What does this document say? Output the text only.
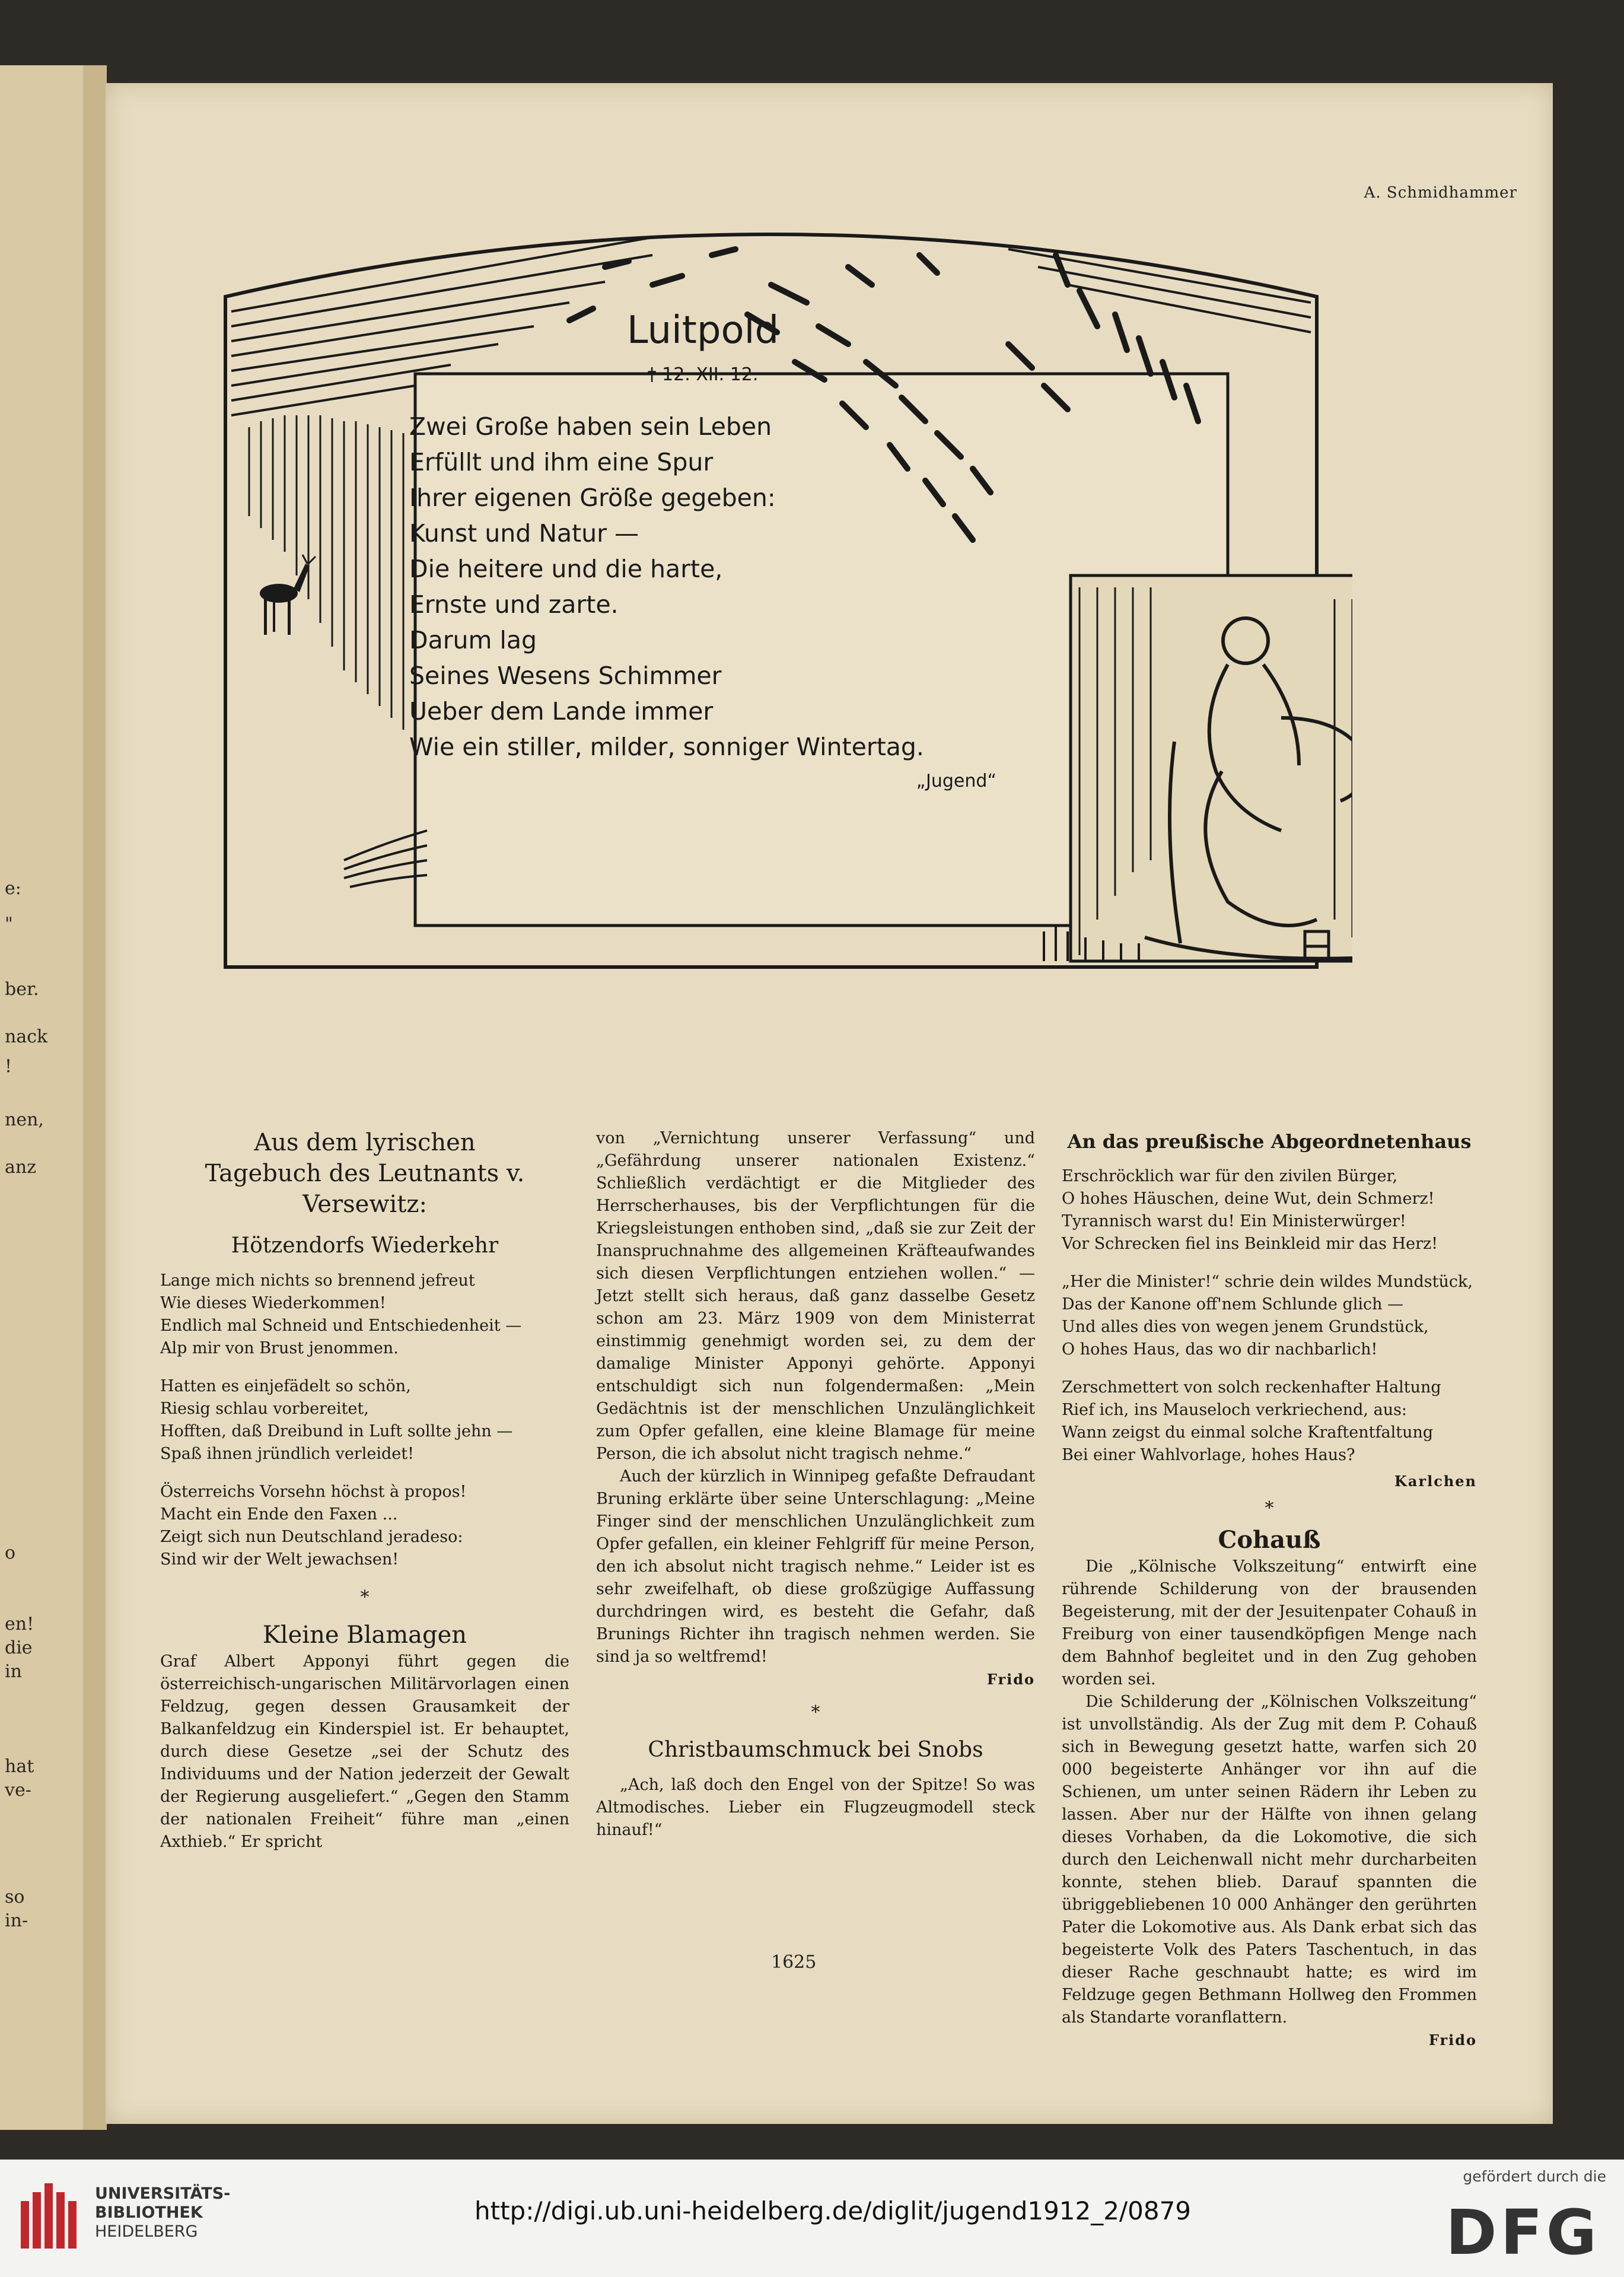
e:
"
ber.
nack
!
nen,
anz
o
en!
die
in
hat
ve-
so
in-
A. Schmidhammer
Luitpold
† 12. XII. 12.
Zwei Große haben sein Leben
Erfüllt und ihm eine Spur
Ihrer eigenen Größe gegeben:
Kunst und Natur —
Die heitere und die harte,
Ernste und zarte.
Darum lag
Seines Wesens Schimmer
Ueber dem Lande immer
Wie ein stiller, milder, sonniger Wintertag.
„Jugend“
Aus dem lyrischen
Tagebuch des Leutnants v. Versewitz:
Hötzendorfs Wiederkehr

Lange mich nichts so brennend jefreut

Wie dieses Wiederkommen!

Endlich mal Schneid und Entschiedenheit —

Alp mir von Brust jenommen.

Hatten es einjefädelt so schön,

Riesig schlau vorbereitet,

Hofften, daß Dreibund in Luft sollte jehn —

Spaß ihnen jründlich verleidet!

Österreichs Vorsehn höchst à propos!

Macht ein Ende den Faxen ...

Zeigt sich nun Deutschland jeradeso:

Sind wir der Welt jewachsen!

*
Kleine Blamagen

Graf Albert Apponyi führt gegen die österreichisch-ungarischen Militärvorlagen einen Feldzug, gegen dessen Grausamkeit der Balkanfeldzug ein Kinderspiel ist. Er behauptet, durch diese Gesetze „sei der Schutz des Individuums und der Nation jederzeit der Gewalt der Regierung ausgeliefert.“ „Gegen den Stamm der nationalen Freiheit“ führe man „einen Axthieb.“ Er spricht

von „Vernichtung unserer Verfassung“ und „Gefährdung unserer nationalen Existenz.“ Schließlich verdächtigt er die Mitglieder des Herrscherhauses, bis der Verpflichtungen für die Kriegsleistungen enthoben sind, „daß sie zur Zeit der Inanspruchnahme des allgemeinen Kräfteaufwandes sich diesen Verpflichtungen entziehen wollen.“ — Jetzt stellt sich heraus, daß ganz dasselbe Gesetz schon am 23. März 1909 von dem Ministerrat einstimmig genehmigt worden sei, zu dem der damalige Minister Apponyi gehörte. Apponyi entschuldigt sich nun folgendermaßen: „Mein Gedächtnis ist der menschlichen Unzulänglichkeit zum Opfer gefallen, eine kleine Blamage für meine Person, die ich absolut nicht tragisch nehme.“

Auch der kürzlich in Winnipeg gefaßte Defraudant Bruning erklärte über seine Unterschlagung: „Meine Finger sind der menschlichen Unzulänglichkeit zum Opfer gefallen, ein kleiner Fehlgriff für meine Person, den ich absolut nicht tragisch nehme.“ Leider ist es sehr zweifelhaft, ob diese großzügige Auffassung durchdringen wird, es besteht die Gefahr, daß Brunings Richter ihn tragisch nehmen werden. Sie sind ja so weltfremd!

Frido
*
Christbaumschmuck bei Snobs

„Ach, laß doch den Engel von der Spitze! So was Altmodisches. Lieber ein Flugzeugmodell steck hinauf!“

An das preußische Abgeordnetenhaus

Erschröcklich war für den zivilen Bürger,

O hohes Häuschen, deine Wut, dein Schmerz!

Tyrannisch warst du! Ein Ministerwürger!

Vor Schrecken fiel ins Beinkleid mir das Herz!

„Her die Minister!“ schrie dein wildes Mundstück,

Das der Kanone off'nem Schlunde glich —

Und alles dies von wegen jenem Grundstück,

O hohes Haus, das wo dir nachbarlich!

Zerschmettert von solch reckenhafter Haltung

Rief ich, ins Mauseloch verkriechend, aus:

Wann zeigst du einmal solche Kraftentfaltung

Bei einer Wahlvorlage, hohes Haus?

Karlchen
*
Cohauß

Die „Kölnische Volkszeitung“ entwirft eine rührende Schilderung von der brausenden Begeisterung, mit der der Jesuitenpater Cohauß in Freiburg von einer tausendköpfigen Menge nach dem Bahnhof begleitet und in den Zug gehoben worden sei.

Die Schilderung der „Kölnischen Volkszeitung“ ist unvollständig. Als der Zug mit dem P. Cohauß sich in Bewegung gesetzt hatte, warfen sich 20 000 begeisterte Anhänger vor ihn auf die Schienen, um unter seinen Rädern ihr Leben zu lassen. Aber nur der Hälfte von ihnen gelang dieses Vorhaben, da die Lokomotive, die sich durch den Leichenwall nicht mehr durcharbeiten konnte, stehen blieb. Darauf spannten die übriggebliebenen 10 000 Anhänger den gerührten Pater die Lokomotive aus. Als Dank erbat sich das begeisterte Volk des Paters Taschentuch, in das dieser Rache geschnaubt hatte; es wird im Feldzuge gegen Bethmann Hollweg den Frommen als Standarte voranflattern.

Frido
1625
UNIVERSITÄTS-
BIBLIOTHEK
HEIDELBERG
http://digi.ub.uni-heidelberg.de/diglit/jugend1912_2/0879
gefördert durch die
DFG
